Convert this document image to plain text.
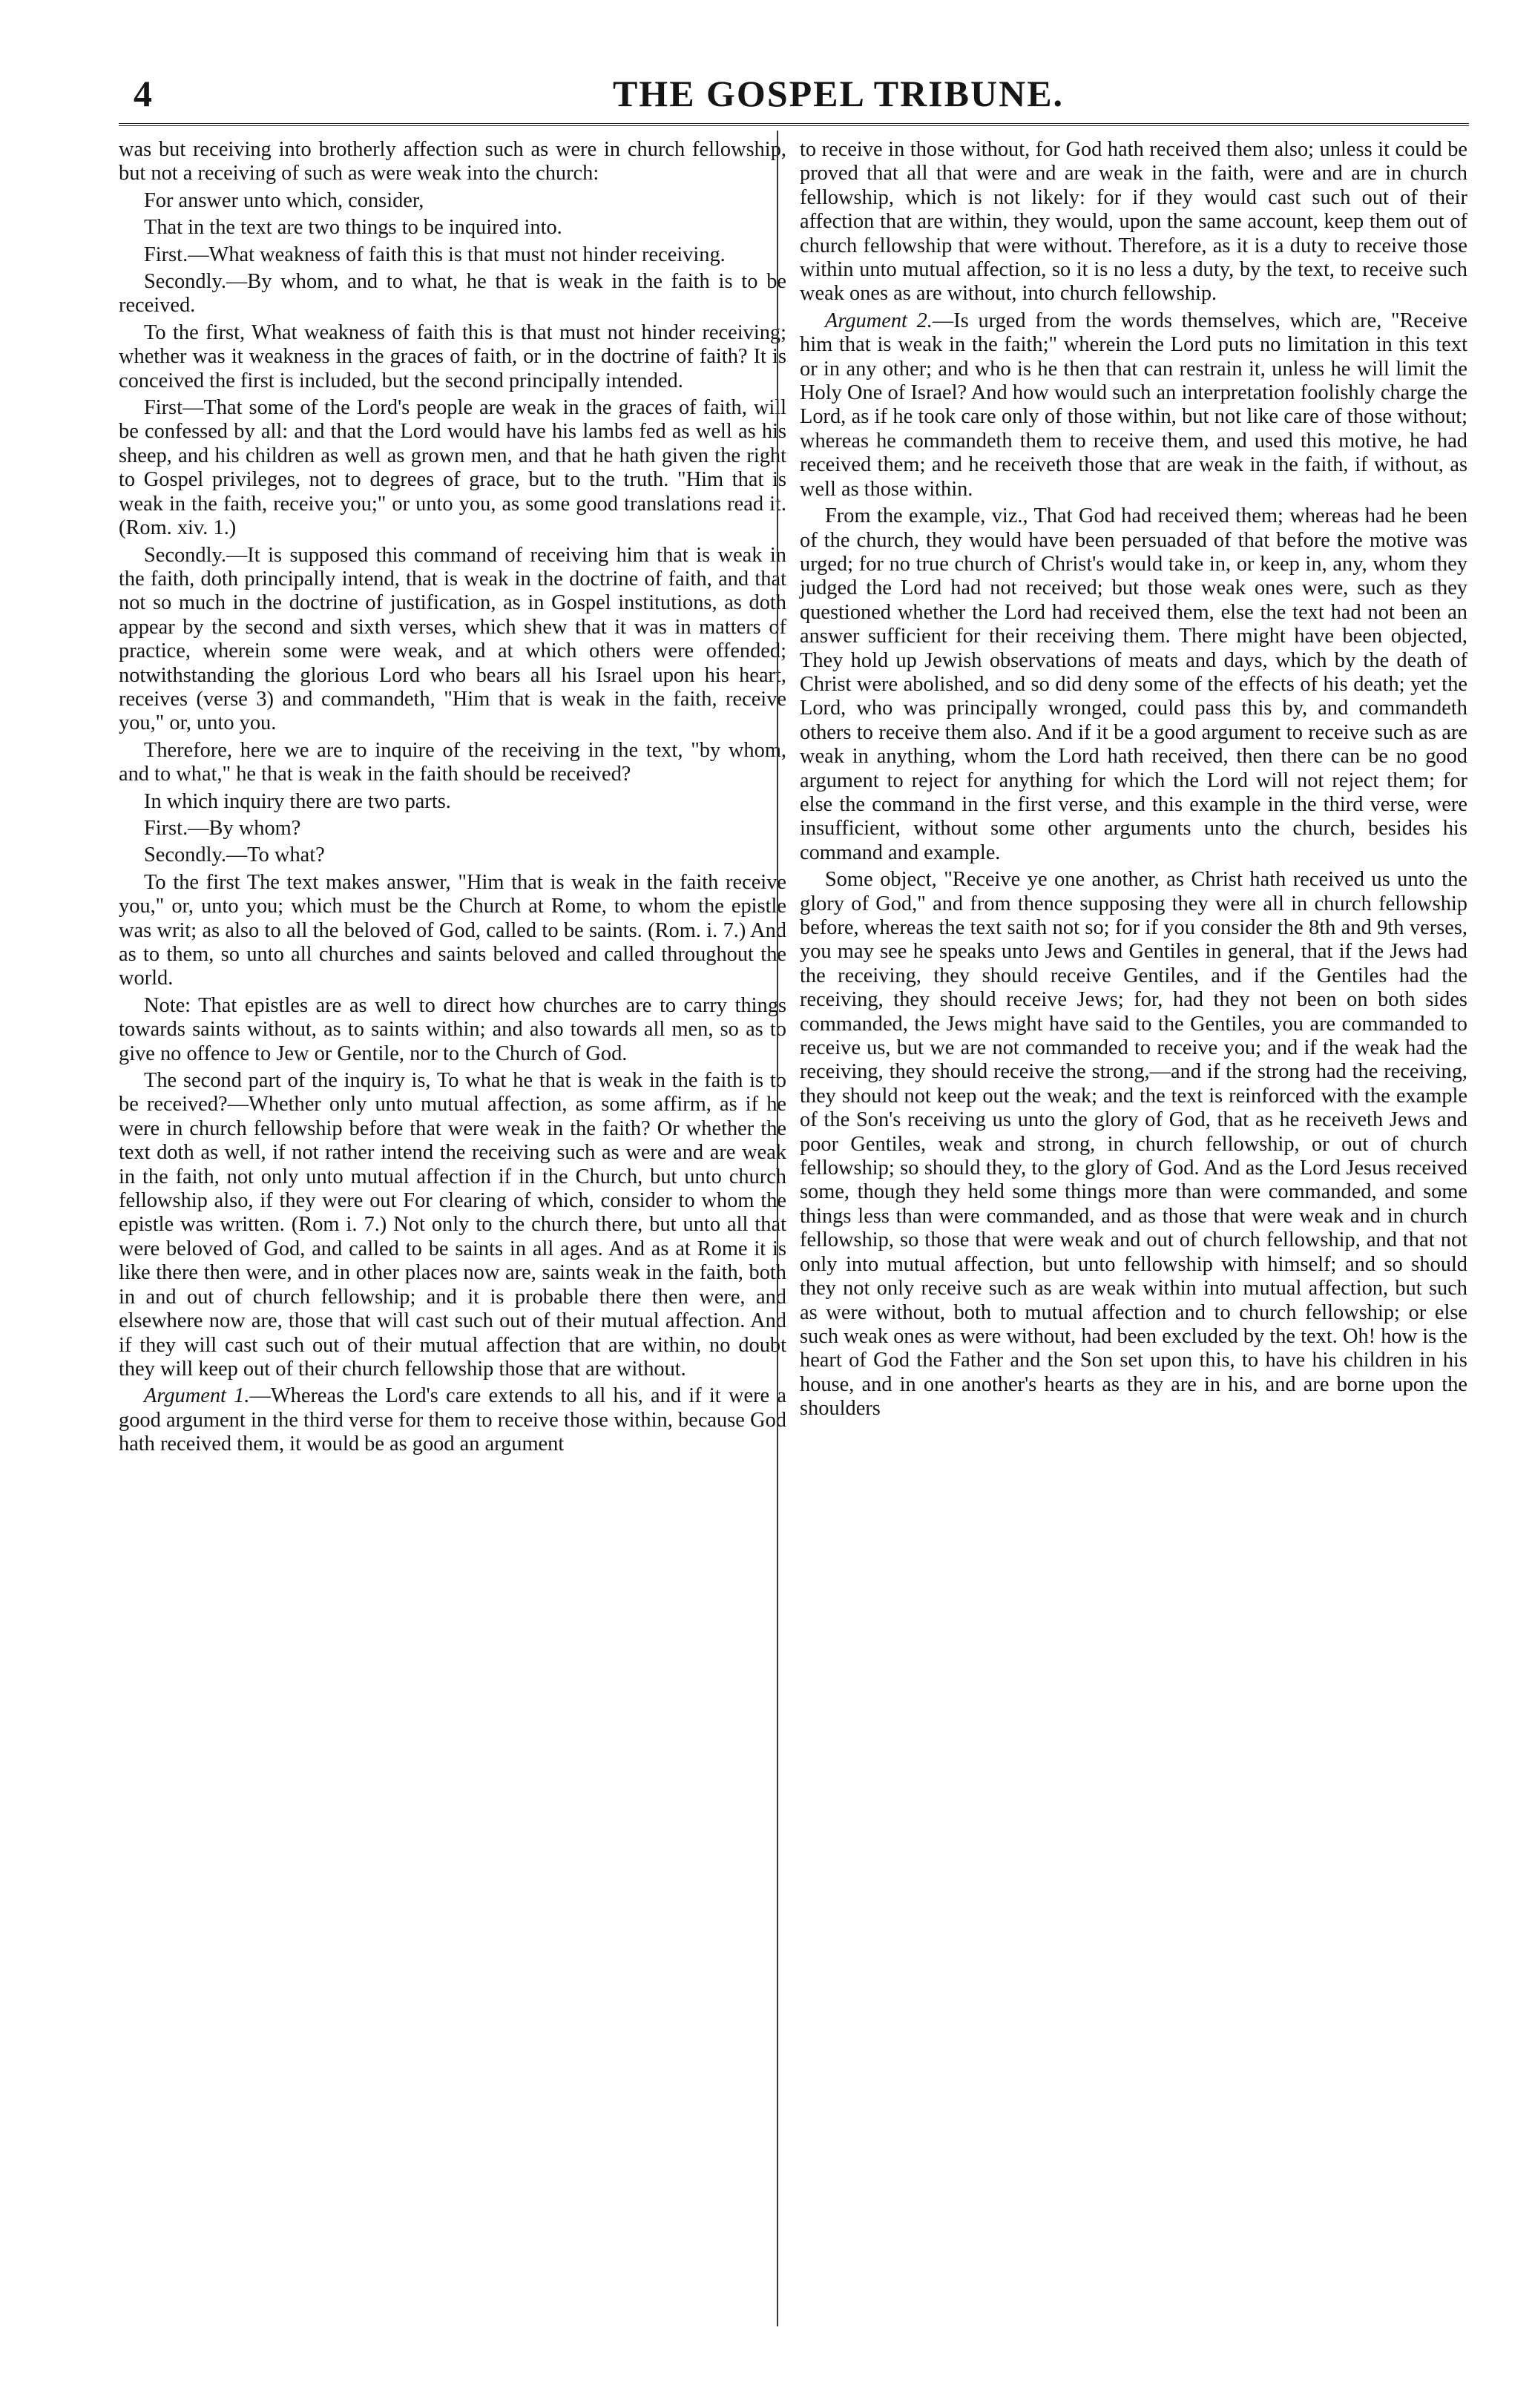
4	THE GOSPEL TRIBUNE.

was but receiving into brotherly affection such as were in church fellowship, but not a receiving of such as were weak into the church:

For answer unto which, consider,

That in the text are two things to be inquired into.

First.—What weakness of faith this is that must not hinder receiving.

Secondly.—By whom, and to what, he that is weak in the faith is to be received.

To the first, What weakness of faith this is that must not hinder receiving; whether was it weakness in the graces of faith, or in the doctrine of faith? It is conceived the first is included, but the second principally intended.

First—That some of the Lord's people are weak in the graces of faith, will be confessed by all: and that the Lord would have his lambs fed as well as his sheep, and his children as well as grown men, and that he hath given the right to Gospel privileges, not to degrees of grace, but to the truth. "Him that is weak in the faith, receive you;" or unto you, as some good translations read it. (Rom. xiv. 1.)

Secondly.—It is supposed this command of receiving him that is weak in the faith, doth principally intend, that is weak in the doctrine of faith, and that not so much in the doctrine of justification, as in Gospel institutions, as doth appear by the second and sixth verses, which shew that it was in matters of practice, wherein some were weak, and at which others were offended; notwithstanding the glorious Lord who bears all his Israel upon his heart, receives (verse 3) and commandeth, "Him that is weak in the faith, receive you," or, unto you.

Therefore, here we are to inquire of the receiving in the text, "by whom, and to what," he that is weak in the faith should be received?

In which inquiry there are two parts.

First.—By whom?

Secondly.—To what?

To the first The text makes answer, "Him that is weak in the faith receive you," or, unto you; which must be the Church at Rome, to whom the epistle was writ; as also to all the beloved of God, called to be saints. (Rom. i. 7.) And as to them, so unto all churches and saints beloved and called throughout the world.

Note: That epistles are as well to direct how churches are to carry things towards saints without, as to saints within; and also towards all men, so as to give no offence to Jew or Gentile, nor to the Church of God.

The second part of the inquiry is, To what he that is weak in the faith is to be received?—Whether only unto mutual affection, as some affirm, as if he were in church fellowship before that were weak in the faith? Or whether the text doth as well, if not rather intend the receiving such as were and are weak in the faith, not only unto mutual affection if in the Church, but unto church fellowship also, if they were out For clearing of which, consider to whom the epistle was written. (Rom i. 7.) Not only to the church there, but unto all that were beloved of God, and called to be saints in all ages. And as at Rome it is like there then were, and in other places now are, saints weak in the faith, both in and out of church fellowship; and it is probable there then were, and elsewhere now are, those that will cast such out of their mutual affection. And if they will cast such out of their mutual affection that are within, no doubt they will keep out of their church fellowship those that are without.

Argument 1.—Whereas the Lord's care extends to all his, and if it were a good argument in the third verse for them to receive those within, because God hath received them, it would be as good an argument

to receive in those without, for God hath received them also; unless it could be proved that all that were and are weak in the faith, were and are in church fellowship, which is not likely: for if they would cast such out of their affection that are within, they would, upon the same account, keep them out of church fellowship that were without. Therefore, as it is a duty to receive those within unto mutual affection, so it is no less a duty, by the text, to receive such weak ones as are without, into church fellowship.

Argument 2.—Is urged from the words themselves, which are, "Receive him that is weak in the faith;" wherein the Lord puts no limitation in this text or in any other; and who is he then that can restrain it, unless he will limit the Holy One of Israel? And how would such an interpretation foolishly charge the Lord, as if he took care only of those within, but not like care of those without; whereas he commandeth them to receive them, and used this motive, he had received them; and he receiveth those that are weak in the faith, if without, as well as those within.

From the example, viz., That God had received them; whereas had he been of the church, they would have been persuaded of that before the motive was urged; for no true church of Christ's would take in, or keep in, any, whom they judged the Lord had not received; but those weak ones were, such as they questioned whether the Lord had received them, else the text had not been an answer sufficient for their receiving them. There might have been objected, They hold up Jewish observations of meats and days, which by the death of Christ were abolished, and so did deny some of the effects of his death; yet the Lord, who was principally wronged, could pass this by, and commandeth others to receive them also. And if it be a good argument to receive such as are weak in anything, whom the Lord hath received, then there can be no good argument to reject for anything for which the Lord will not reject them; for else the command in the first verse, and this example in the third verse, were insufficient, without some other arguments unto the church, besides his command and example.

Some object, "Receive ye one another, as Christ hath received us unto the glory of God," and from thence supposing they were all in church fellowship before, whereas the text saith not so; for if you consider the 8th and 9th verses, you may see he speaks unto Jews and Gentiles in general, that if the Jews had the receiving, they should receive Gentiles, and if the Gentiles had the receiving, they should receive Jews; for, had they not been on both sides commanded, the Jews might have said to the Gentiles, you are commanded to receive us, but we are not commanded to receive you; and if the weak had the receiving, they should receive the strong,—and if the strong had the receiving, they should not keep out the weak; and the text is reinforced with the example of the Son's receiving us unto the glory of God, that as he receiveth Jews and poor Gentiles, weak and strong, in church fellowship, or out of church fellowship; so should they, to the glory of God. And as the Lord Jesus received some, though they held some things more than were commanded, and some things less than were commanded, and as those that were weak and in church fellowship, so those that were weak and out of church fellowship, and that not only into mutual affection, but unto fellowship with himself; and so should they not only receive such as are weak within into mutual affection, but such as were without, both to mutual affection and to church fellowship; or else such weak ones as were without, had been excluded by the text. Oh! how is the heart of God the Father and the Son set upon this, to have his children in his house, and in one another's hearts as they are in his, and are borne upon the shoulders
